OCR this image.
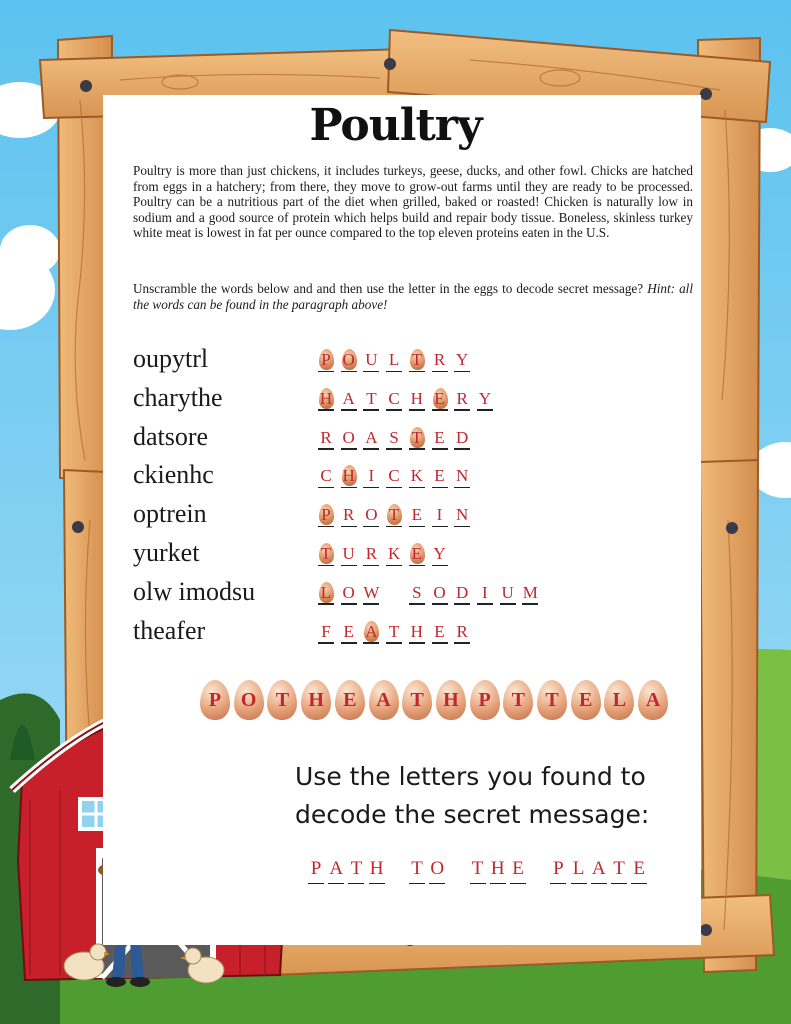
Poultry

Poultry is more than just chickens, it includes turkeys, geese, ducks, and other fowl. Chicks are hatched from eggs in a hatchery; from there, they move to grow-out farms until they are ready to be processed. Poultry can be a nutritious part of the diet when grilled, baked or roasted! Chicken is naturally low in sodium and a good source of protein which helps build and repair body tissue. Boneless, skinless turkey white meat is lowest in fat per ounce compared to the top eleven proteins eaten in the U.S.

Unscramble the words below and and then use the letter in the eggs to decode secret message? Hint: all the words can be found in the paragraph above!

oupytrl	P O U L T R Y
charythe	H A T C H E R Y
datsore	R O A S T E D
ckienhc	C H I C K E N
optrein	P R O T E I N
yurket	T U R K E Y
olw imodsu	L O W S O D I U M
theafer	F E A T H E R
P O T H E A T H P	T	T	E	L A
Use the letters you found to decode the secret message:
P A T H T O T H E P L A T E
